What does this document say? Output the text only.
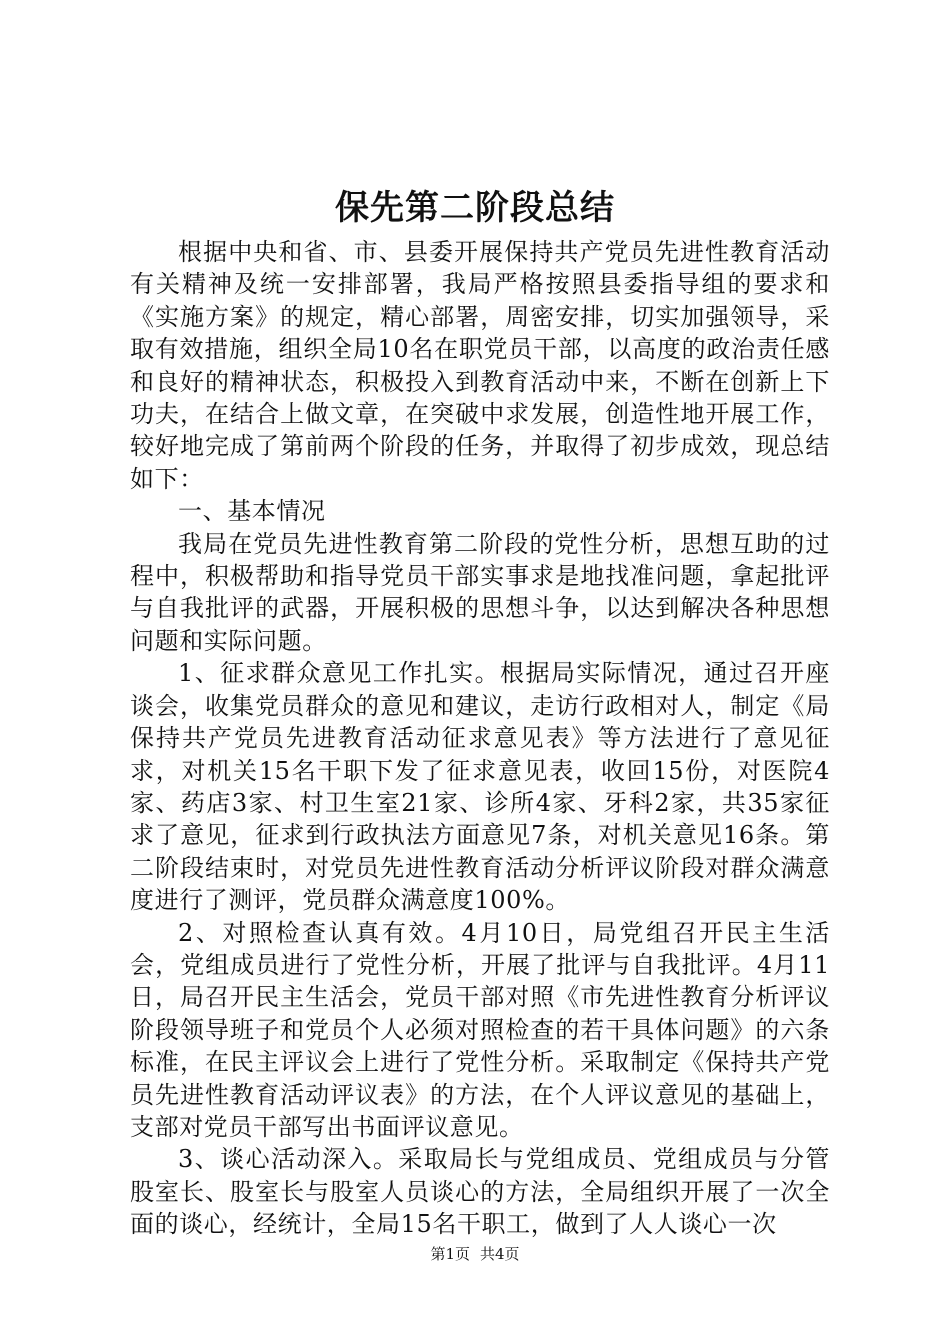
保先第二阶段总结

根据中央和省、市、县委开展保持共产党员先进性教育活动有关精神及统一安排部署，我局严格按照县委指导组的要求和《实施方案》的规定，精心部署，周密安排，切实加强领导，采取有效措施，组织全局10名在职党员干部，以高度的政治责任感和良好的精神状态，积极投入到教育活动中来，不断在创新上下功夫，在结合上做文章，在突破中求发展，创造性地开展工作，较好地完成了第前两个阶段的任务，并取得了初步成效，现总结如下：

一、基本情况

我局在党员先进性教育第二阶段的党性分析，思想互助的过程中，积极帮助和指导党员干部实事求是地找准问题，拿起批评与自我批评的武器，开展积极的思想斗争，以达到解决各种思想问题和实际问题。

1、征求群众意见工作扎实。根据局实际情况，通过召开座谈会，收集党员群众的意见和建议，走访行政相对人，制定《局保持共产党员先进教育活动征求意见表》等方法进行了意见征求，对机关15名干职下发了征求意见表，收回15份，对医院4家、药店3家、村卫生室21家、诊所4家、牙科2家，共35家征求了意见，征求到行政执法方面意见7条，对机关意见16条。第二阶段结束时，对党员先进性教育活动分析评议阶段对群众满意度进行了测评，党员群众满意度100%。

2、对照检查认真有效。4月10日，局党组召开民主生活会，党组成员进行了党性分析，开展了批评与自我批评。4月11日，局召开民主生活会，党员干部对照《市先进性教育分析评议阶段领导班子和党员个人必须对照检查的若干具体问题》的六条标准，在民主评议会上进行了党性分析。采取制定《保持共产党员先进性教育活动评议表》的方法，在个人评议意见的基础上，支部对党员干部写出书面评议意见。

3、谈心活动深入。采取局长与党组成员、党组成员与分管股室长、股室长与股室人员谈心的方法，全局组织开展了一次全面的谈心，经统计，全局15名干职工，做到了人人谈心一次

第1页 共4页
